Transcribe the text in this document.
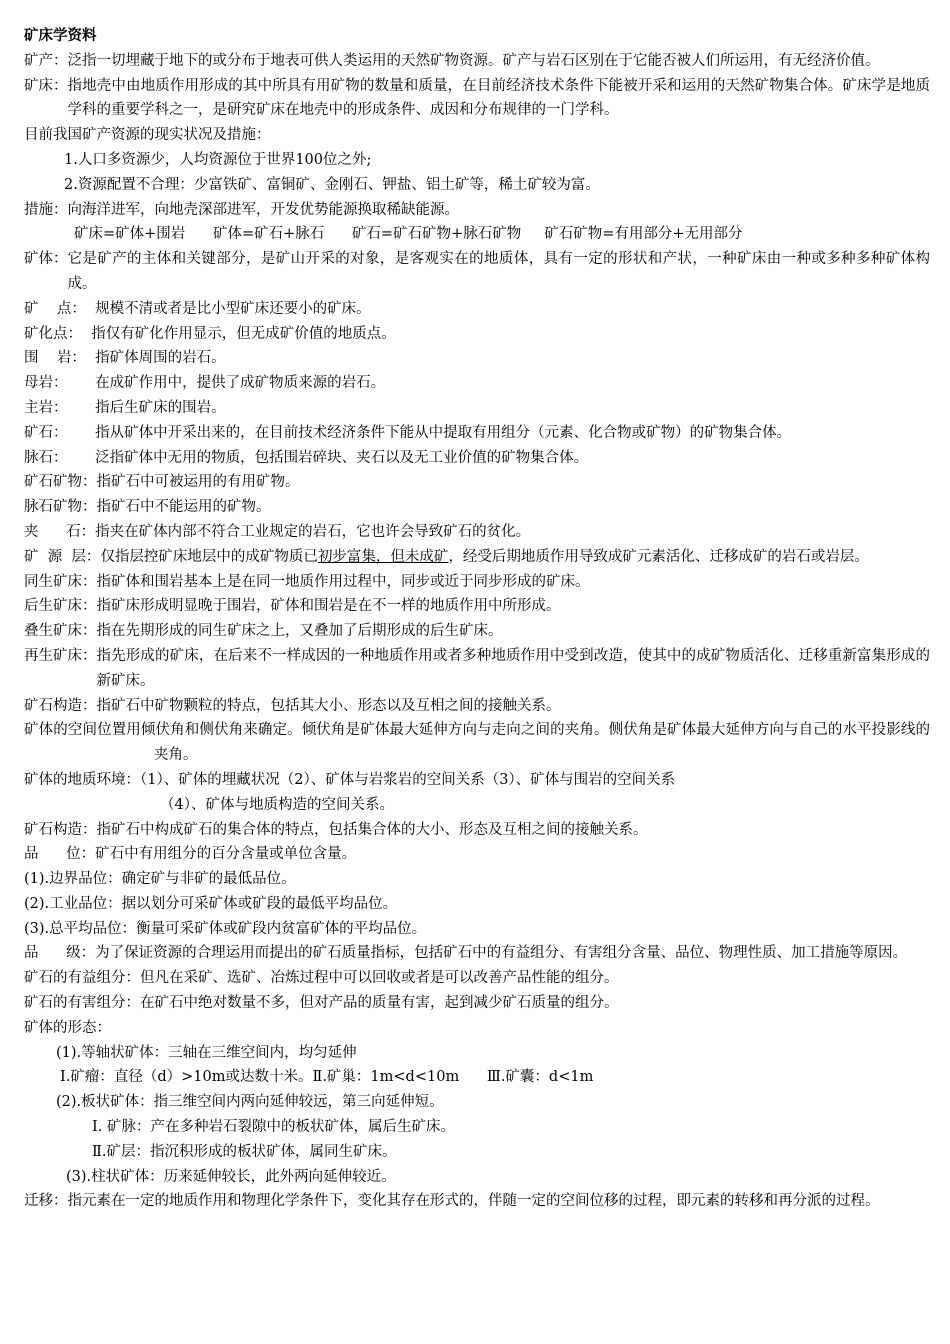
矿床学资料
矿产： 泛指一切埋藏于地下的或分布于地表可供人类运用的天然矿物资源。矿产与岩石区别在于它能否被人们所运用，有无经济价值。
矿床： 指地壳中由地质作用形成的其中所具有用矿物的数量和质量，在目前经济技术条件下能被开采和运用的天然矿物集合体。矿床学是地质学科的重要学科之一，是研究矿床在地壳中的形成条件、成因和分布规律的一门学科。
目前我国矿产资源的现实状况及措施：
1.人口多资源少，人均资源位于世界100位之外;
2.资源配置不合理：少富铁矿、富铜矿、金刚石、钾盐、铝土矿等，稀土矿较为富。
措施： 向海洋进军，向地壳深部进军，开发优势能源换取稀缺能源。
矿床=矿体+围岩      矿体=矿石+脉石      矿石=矿石矿物+脉石矿物     矿石矿物=有用部分+无用部分
矿体： 它是矿产的主体和关键部分，是矿山开采的对象，是客观实在的地质体，具有一定的形状和产状，一种矿床由一种或多种多种矿体构成。
矿    点： 规模不清或者是比小型矿床还要小的矿床。
矿化点： 指仅有矿化作用显示，但无成矿价值的地质点。
围    岩： 指矿体周围的岩石。
母岩： 在成矿作用中，提供了成矿物质来源的岩石。
主岩： 指后生矿床的围岩。
矿石： 指从矿体中开采出来的，在目前技术经济条件下能从中提取有用组分（元素、化合物或矿物）的矿物集合体。
脉石： 泛指矿体中无用的物质，包括围岩碎块、夹石以及无工业价值的矿物集合体。
矿石矿物： 指矿石中可被运用的有用矿物。
脉石矿物： 指矿石中不能运用的矿物。
夹      石： 指夹在矿体内部不符合工业规定的岩石，它也许会导致矿石的贫化。
矿  源  层： 仅指层控矿床地层中的成矿物质已初步富集，但未成矿，经受后期地质作用导致成矿元素活化、迁移成矿的岩石或岩层。
同生矿床： 指矿体和围岩基本上是在同一地质作用过程中，同步或近于同步形成的矿床。
后生矿床： 指矿床形成明显晚于围岩，矿体和围岩是在不一样的地质作用中所形成。
叠生矿床： 指在先期形成的同生矿床之上，又叠加了后期形成的后生矿床。
再生矿床： 指先形成的矿床，在后来不一样成因的一种地质作用或者多种地质作用中受到改造，使其中的成矿物质活化、迁移重新富集形成的新矿床。
矿石构造： 指矿石中矿物颗粒的特点，包括其大小、形态以及互相之间的接触关系。
矿体的空间位置用倾伏角和侧伏角来确定。倾伏角是矿体最大延伸方向与走向之间的夹角。侧伏角是矿体最大延伸方向与自己的水平投影线的夹角。
矿体的地质环境：（1）、矿体的埋藏状况（2）、矿体与岩浆岩的空间关系（3）、矿体与围岩的空间关系
（4）、矿体与地质构造的空间关系。
矿石构造： 指矿石中构成矿石的集合体的特点，包括集合体的大小、形态及互相之间的接触关系。
品      位： 矿石中有用组分的百分含量或单位含量。
(1).边界品位：确定矿与非矿的最低品位。
(2).工业品位：据以划分可采矿体或矿段的最低平均品位。
(3).总平均品位：衡量可采矿体或矿段内贫富矿体的平均品位。
品      级： 为了保证资源的合理运用而提出的矿石质量指标，包括矿石中的有益组分、有害组分含量、品位、物理性质、加工措施等原因。
矿石的有益组分：但凡在采矿、选矿、冶炼过程中可以回收或者是可以改善产品性能的组分。
矿石的有害组分：在矿石中绝对数量不多，但对产品的质量有害，起到减少矿石质量的组分。
矿体的形态：
(1).等轴状矿体：三轴在三维空间内，均匀延伸
Ⅰ.矿瘤：直径（d）>10m或达数十米。Ⅱ.矿巢：1m<d<10m      Ⅲ.矿囊：d<1m
(2).板状矿体：指三维空间内两向延伸较远，第三向延伸短。
Ⅰ. 矿脉：产在多种岩石裂隙中的板状矿体，属后生矿床。
Ⅱ.矿层：指沉积形成的板状矿体，属同生矿床。
(3).柱状矿体：历来延伸较长，此外两向延伸较近。
迁移： 指元素在一定的地质作用和物理化学条件下，变化其存在形式的，伴随一定的空间位移的过程，即元素的转移和再分派的过程。
